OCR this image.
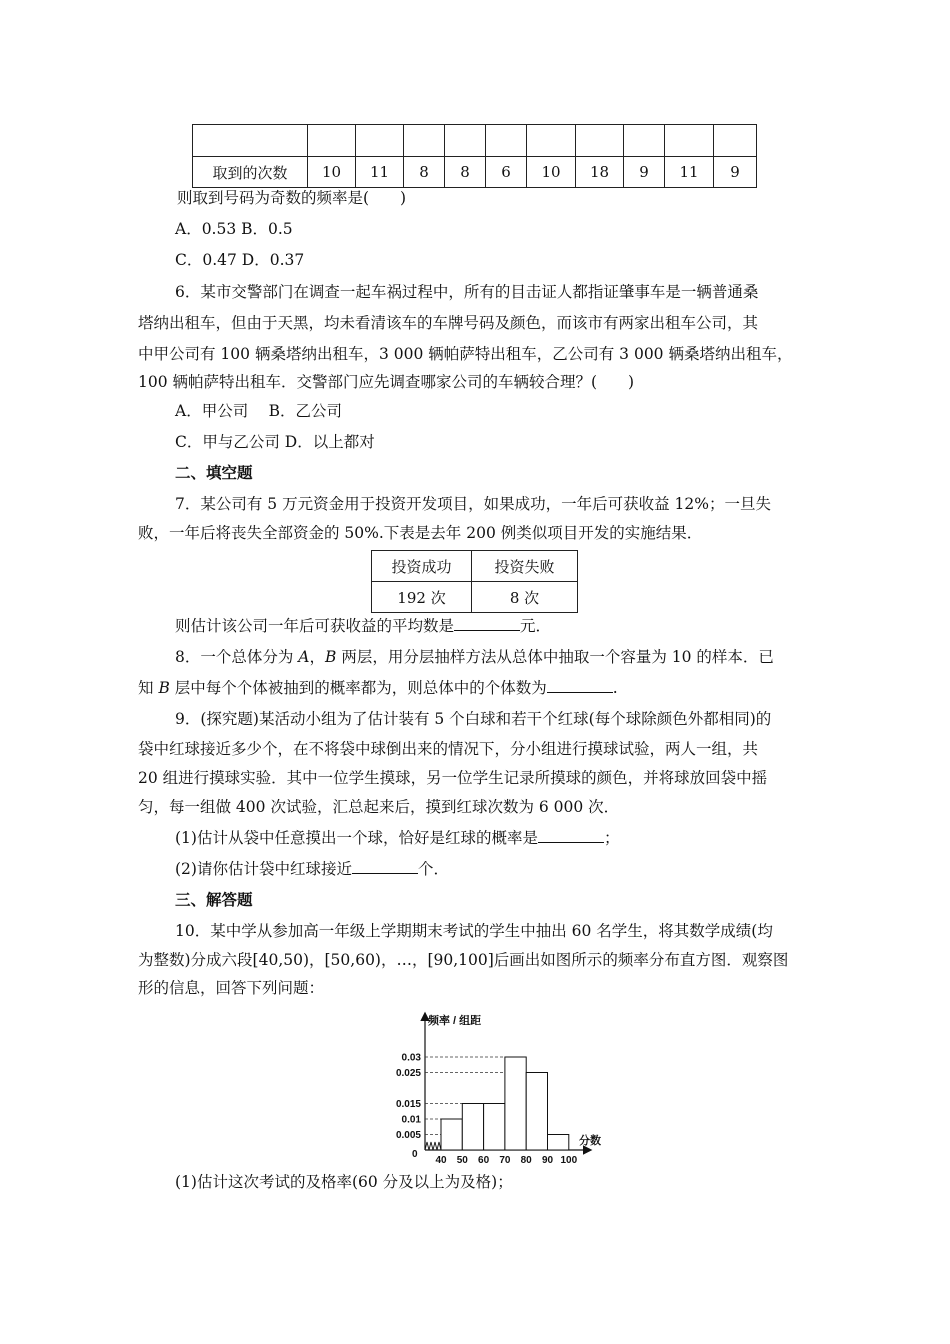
取到的次数	10	11	8	8	6	10	18	9	11	9
则取到号码为奇数的频率是(　　)
A．0.53 B．0.5
C．0.47 D．0.37
6．某市交警部门在调查一起车祸过程中，所有的目击证人都指证肇事车是一辆普通桑
塔纳出租车，但由于天黑，均未看清该车的车牌号码及颜色，而该市有两家出租车公司，其
中甲公司有 100 辆桑塔纳出租车，3 000 辆帕萨特出租车，乙公司有 3 000 辆桑塔纳出租车，
100 辆帕萨特出租车．交警部门应先调查哪家公司的车辆较合理？(　　)
A．甲公司　 B．乙公司
C．甲与乙公司 D．以上都对
二、填空题
7．某公司有 5 万元资金用于投资开发项目，如果成功，一年后可获收益 12%；一旦失
败，一年后将丧失全部资金的 50%.下表是去年 200 例类似项目开发的实施结果．
投资成功	投资失败
192 次	8 次
则估计该公司一年后可获收益的平均数是	元．
8．一个总体分为 A，B 两层，用分层抽样方法从总体中抽取一个容量为 10 的样本．已
知 B 层中每个个体被抽到的概率都为，则总体中的个体数为	.
9．(探究题)某活动小组为了估计装有 5 个白球和若干个红球(每个球除颜色外都相同)的
袋中红球接近多少个，在不将袋中球倒出来的情况下，分小组进行摸球试验，两人一组，共
20 组进行摸球实验．其中一位学生摸球，另一位学生记录所摸球的颜色，并将球放回袋中摇
匀，每一组做 400 次试验，汇总起来后，摸到红球次数为 6 000 次．
(1)估计从袋中任意摸出一个球，恰好是红球的概率是	；
(2)请你估计袋中红球接近	个．
三、解答题
10．某中学从参加高一年级上学期期末考试的学生中抽出 60 名学生，将其数学成绩(均
为整数)分成六段[40,50)，[50,60)，…，[90,100]后画出如图所示的频率分布直方图．观察图
形的信息，回答下列问题：
频率 / 组距
分数
0
0.005
0.01
0.015
0.025
0.03
40 50 60 70 80 90 100
(1)估计这次考试的及格率(60 分及以上为及格)；
